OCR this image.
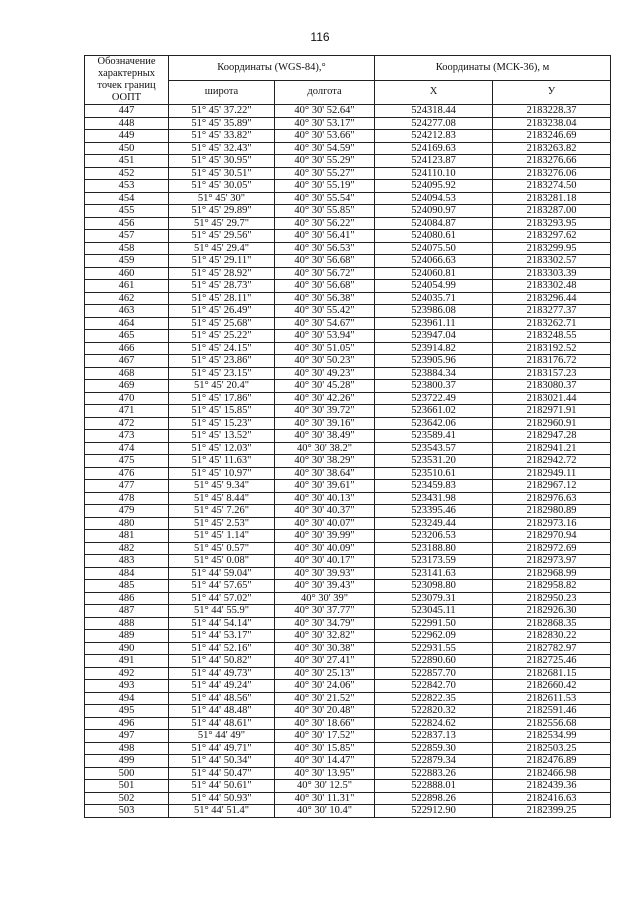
116
Обозначение характерных точек границ ООПТ	Координаты (WGS-84),°		Координаты (МСК-36), м	
	широта	долгота	X	У
447	51° 45' 37.22"	40° 30' 52.64"	524318.44	2183228.37
448	51° 45' 35.89"	40° 30' 53.17"	524277.08	2183238.04
449	51° 45' 33.82"	40° 30' 53.66"	524212.83	2183246.69
450	51° 45' 32.43"	40° 30' 54.59"	524169.63	2183263.82
451	51° 45' 30.95"	40° 30' 55.29"	524123.87	2183276.66
452	51° 45' 30.51"	40° 30' 55.27"	524110.10	2183276.06
453	51° 45' 30.05"	40° 30' 55.19"	524095.92	2183274.50
454	51° 45' 30"	40° 30' 55.54"	524094.53	2183281.18
455	51° 45' 29.89"	40° 30' 55.85"	524090.97	2183287.00
456	51° 45' 29.7"	40° 30' 56.22"	524084.87	2183293.95
457	51° 45' 29.56"	40° 30' 56.41"	524080.61	2183297.62
458	51° 45' 29.4"	40° 30' 56.53"	524075.50	2183299.95
459	51° 45' 29.11"	40° 30' 56.68"	524066.63	2183302.57
460	51° 45' 28.92"	40° 30' 56.72"	524060.81	2183303.39
461	51° 45' 28.73"	40° 30' 56.68"	524054.99	2183302.48
462	51° 45' 28.11"	40° 30' 56.38"	524035.71	2183296.44
463	51° 45' 26.49"	40° 30' 55.42"	523986.08	2183277.37
464	51° 45' 25.68"	40° 30' 54.67"	523961.11	2183262.71
465	51° 45' 25.22"	40° 30' 53.94"	523947.04	2183248.55
466	51° 45' 24.15"	40° 30' 51.05"	523914.82	2183192.52
467	51° 45' 23.86"	40° 30' 50.23"	523905.96	2183176.72
468	51° 45' 23.15"	40° 30' 49.23"	523884.34	2183157.23
469	51° 45' 20.4"	40° 30' 45.28"	523800.37	2183080.37
470	51° 45' 17.86"	40° 30' 42.26"	523722.49	2183021.44
471	51° 45' 15.85"	40° 30' 39.72"	523661.02	2182971.91
472	51° 45' 15.23"	40° 30' 39.16"	523642.06	2182960.91
473	51° 45' 13.52"	40° 30' 38.49"	523589.41	2182947.28
474	51° 45' 12.03"	40° 30' 38.2"	523543.57	2182941.21
475	51° 45' 11.63"	40° 30' 38.29"	523531.20	2182942.72
476	51° 45' 10.97"	40° 30' 38.64"	523510.61	2182949.11
477	51° 45' 9.34"	40° 30' 39.61"	523459.83	2182967.12
478	51° 45' 8.44"	40° 30' 40.13"	523431.98	2182976.63
479	51° 45' 7.26"	40° 30' 40.37"	523395.46	2182980.89
480	51° 45' 2.53"	40° 30' 40.07"	523249.44	2182973.16
481	51° 45' 1.14"	40° 30' 39.99"	523206.53	2182970.94
482	51° 45' 0.57"	40° 30' 40.09"	523188.80	2182972.69
483	51° 45' 0.08"	40° 30' 40.17"	523173.59	2182973.97
484	51° 44' 59.04"	40° 30' 39.93"	523141.63	2182968.99
485	51° 44' 57.65"	40° 30' 39.43"	523098.80	2182958.82
486	51° 44' 57.02"	40° 30' 39"	523079.31	2182950.23
487	51° 44' 55.9"	40° 30' 37.77"	523045.11	2182926.30
488	51° 44' 54.14"	40° 30' 34.79"	522991.50	2182868.35
489	51° 44' 53.17"	40° 30' 32.82"	522962.09	2182830.22
490	51° 44' 52.16"	40° 30' 30.38"	522931.55	2182782.97
491	51° 44' 50.82"	40° 30' 27.41"	522890.60	2182725.46
492	51° 44' 49.73"	40° 30' 25.13"	522857.70	2182681.15
493	51° 44' 49.24"	40° 30' 24.06"	522842.70	2182660.42
494	51° 44' 48.56"	40° 30' 21.52"	522822.35	2182611.53
495	51° 44' 48.48"	40° 30' 20.48"	522820.32	2182591.46
496	51° 44' 48.61"	40° 30' 18.66"	522824.62	2182556.68
497	51° 44' 49"	40° 30' 17.52"	522837.13	2182534.99
498	51° 44' 49.71"	40° 30' 15.85"	522859.30	2182503.25
499	51° 44' 50.34"	40° 30' 14.47"	522879.34	2182476.89
500	51° 44' 50.47"	40° 30' 13.95"	522883.26	2182466.98
501	51° 44' 50.61"	40° 30' 12.5"	522888.01	2182439.36
502	51° 44' 50.93"	40° 30' 11.31"	522898.26	2182416.63
503	51° 44' 51.4"	40° 30' 10.4"	522912.90	2182399.25
